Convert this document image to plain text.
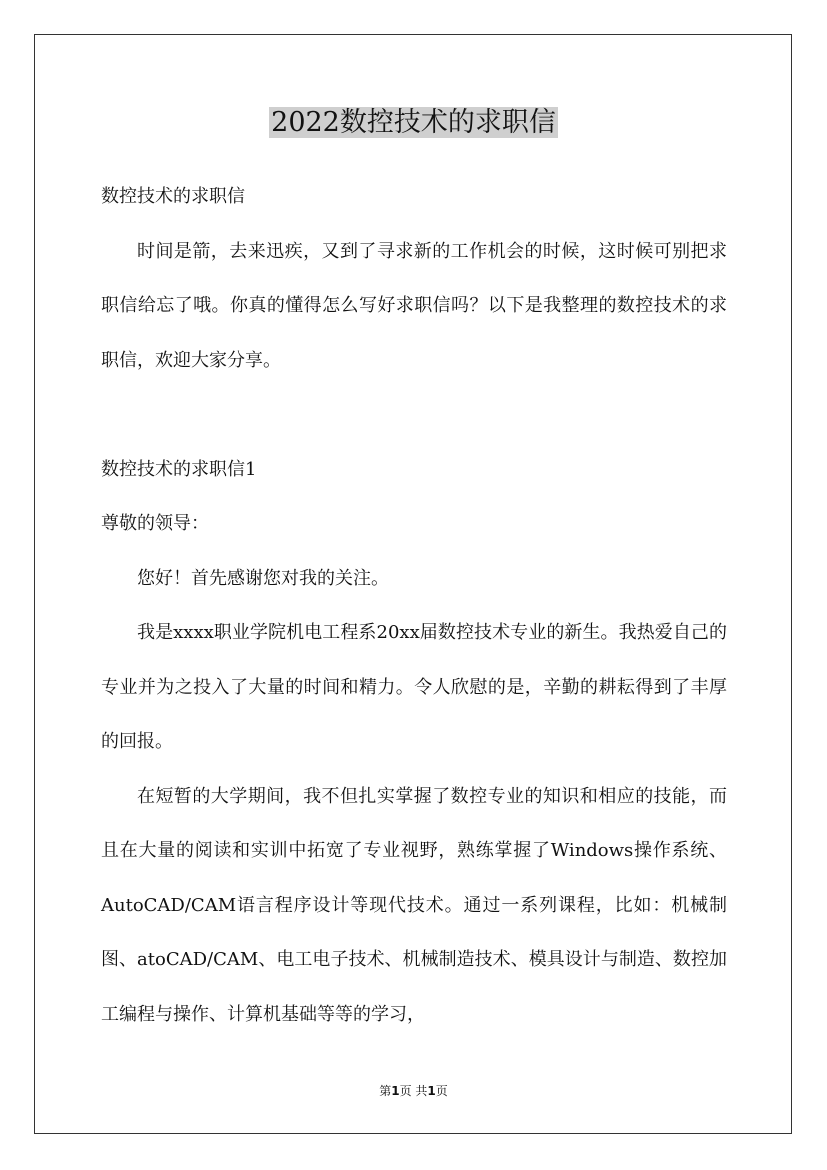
2022数控技术的求职信

数控技术的求职信

时间是箭，去来迅疾，又到了寻求新的工作机会的时候，这时候可别把求职信给忘了哦。你真的懂得怎么写好求职信吗？以下是我整理的数控技术的求职信，欢迎大家分享。

数控技术的求职信1

尊敬的领导：

您好！首先感谢您对我的关注。

我是xxxx职业学院机电工程系20xx届数控技术专业的新生。我热爱自己的专业并为之投入了大量的时间和精力。令人欣慰的是，辛勤的耕耘得到了丰厚的回报。

在短暂的大学期间，我不但扎实掌握了数控专业的知识和相应的技能，而且在大量的阅读和实训中拓宽了专业视野，熟练掌握了Windows操作系统、AutoCAD/CAM语言程序设计等现代技术。通过一系列课程，比如：机械制图、atoCAD/CAM、电工电子技术、机械制造技术、模具设计与制造、数控加工编程与操作、计算机基础等等的学习，

第1页 共1页
